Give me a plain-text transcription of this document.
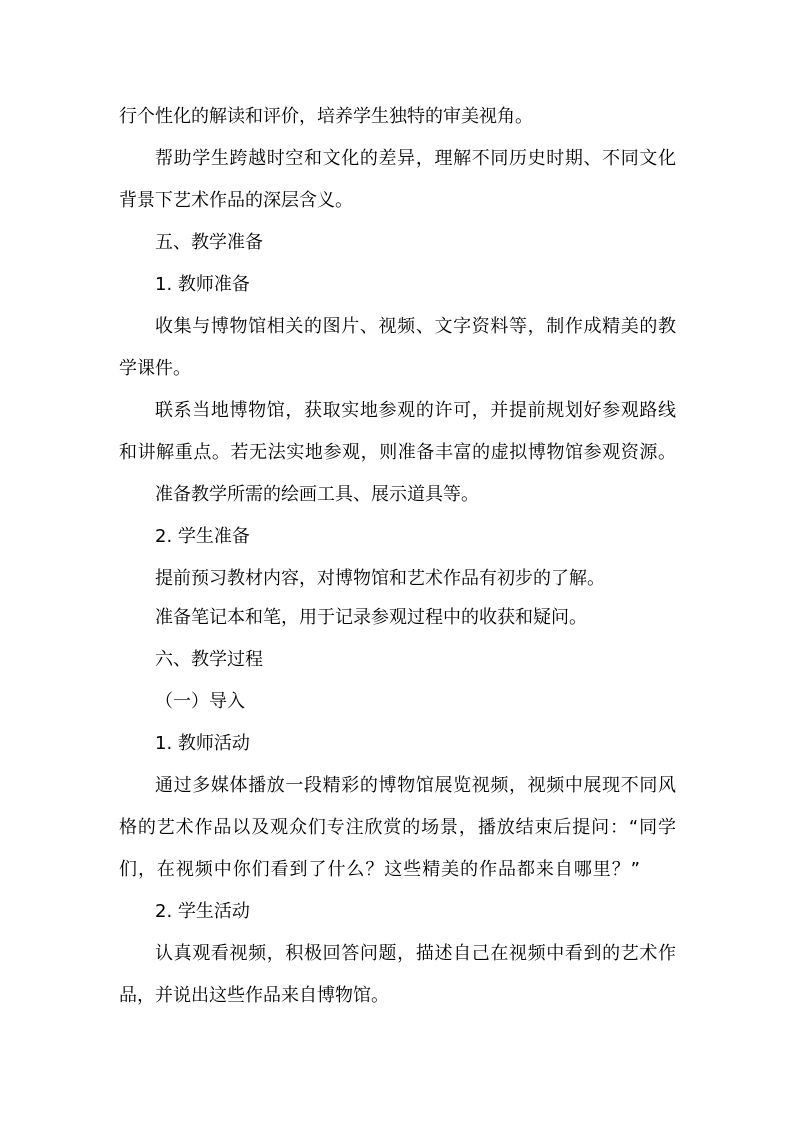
行个性化的解读和评价，培养学生独特的审美视角。
帮助学生跨越时空和文化的差异，理解不同历史时期、不同文化
背景下艺术作品的深层含义。
五、教学准备
1. 教师准备
收集与博物馆相关的图片、视频、文字资料等，制作成精美的教
学课件。
联系当地博物馆，获取实地参观的许可，并提前规划好参观路线
和讲解重点。若无法实地参观，则准备丰富的虚拟博物馆参观资源。
准备教学所需的绘画工具、展示道具等。
2. 学生准备
提前预习教材内容，对博物馆和艺术作品有初步的了解。
准备笔记本和笔，用于记录参观过程中的收获和疑问。
六、教学过程
（一）导入
1. 教师活动
通过多媒体播放一段精彩的博物馆展览视频，视频中展现不同风
格的艺术作品以及观众们专注欣赏的场景，播放结束后提问：“同学
们，在视频中你们看到了什么？这些精美的作品都来自哪里？”
2. 学生活动
认真观看视频，积极回答问题，描述自己在视频中看到的艺术作
品，并说出这些作品来自博物馆。
